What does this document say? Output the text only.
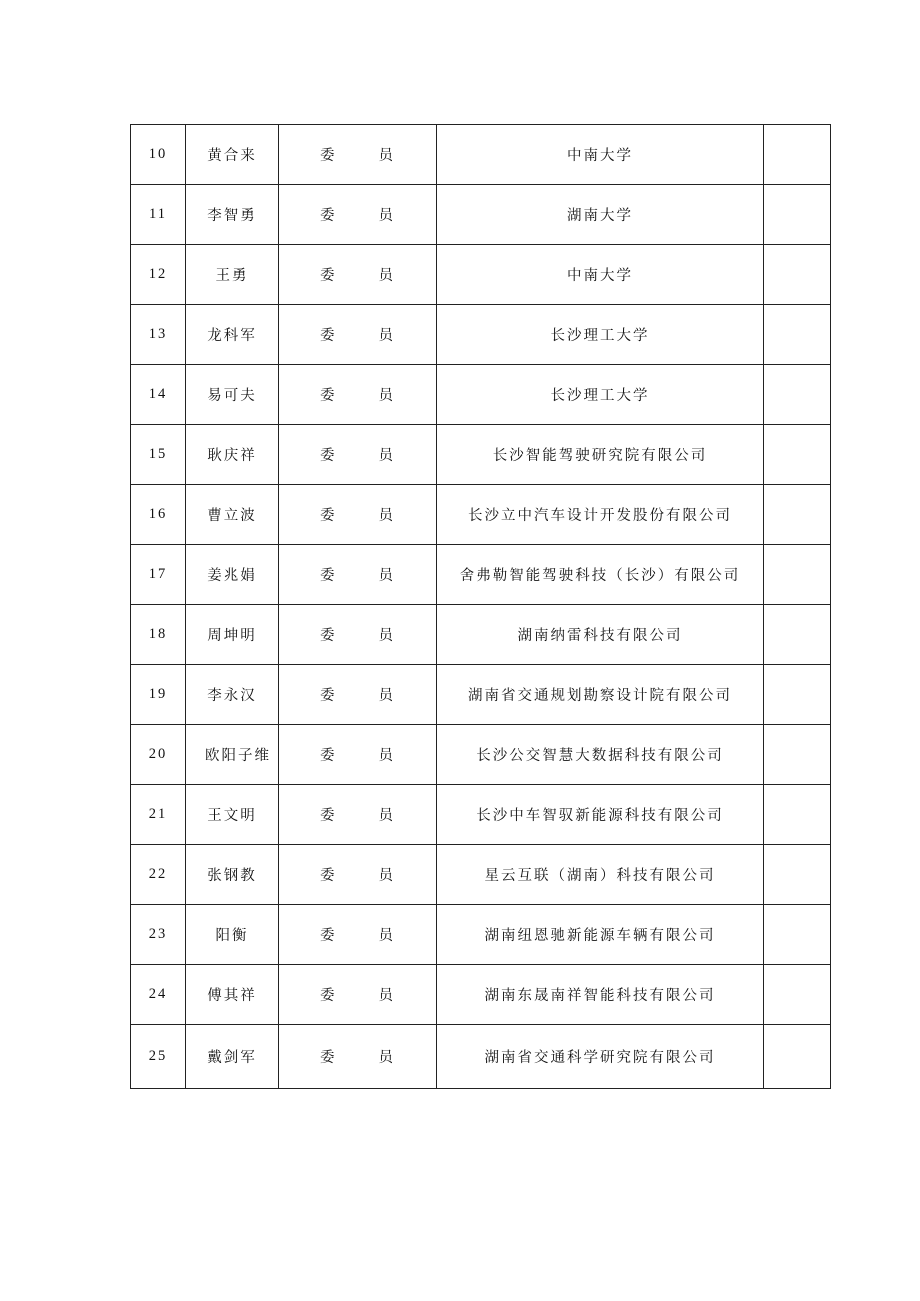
10	黄合来	委 员	中南大学	
11	李智勇	委 员	湖南大学	
12	王勇	委 员	中南大学	
13	龙科军	委 员	长沙理工大学	
14	易可夫	委 员	长沙理工大学	
15	耿庆祥	委 员	长沙智能驾驶研究院有限公司	
16	曹立波	委 员	长沙立中汽车设计开发股份有限公司	
17	姜兆娟	委 员	舍弗勒智能驾驶科技（长沙）有限公司	
18	周坤明	委 员	湖南纳雷科技有限公司	
19	李永汉	委 员	湖南省交通规划勘察设计院有限公司	
20	欧阳子维	委 员	长沙公交智慧大数据科技有限公司	
21	王文明	委 员	长沙中车智驭新能源科技有限公司	
22	张钢教	委 员	星云互联（湖南）科技有限公司	
23	阳衡	委 员	湖南纽恩驰新能源车辆有限公司	
24	傅其祥	委 员	湖南东晟南祥智能科技有限公司	
25	戴剑军	委 员	湖南省交通科学研究院有限公司	
